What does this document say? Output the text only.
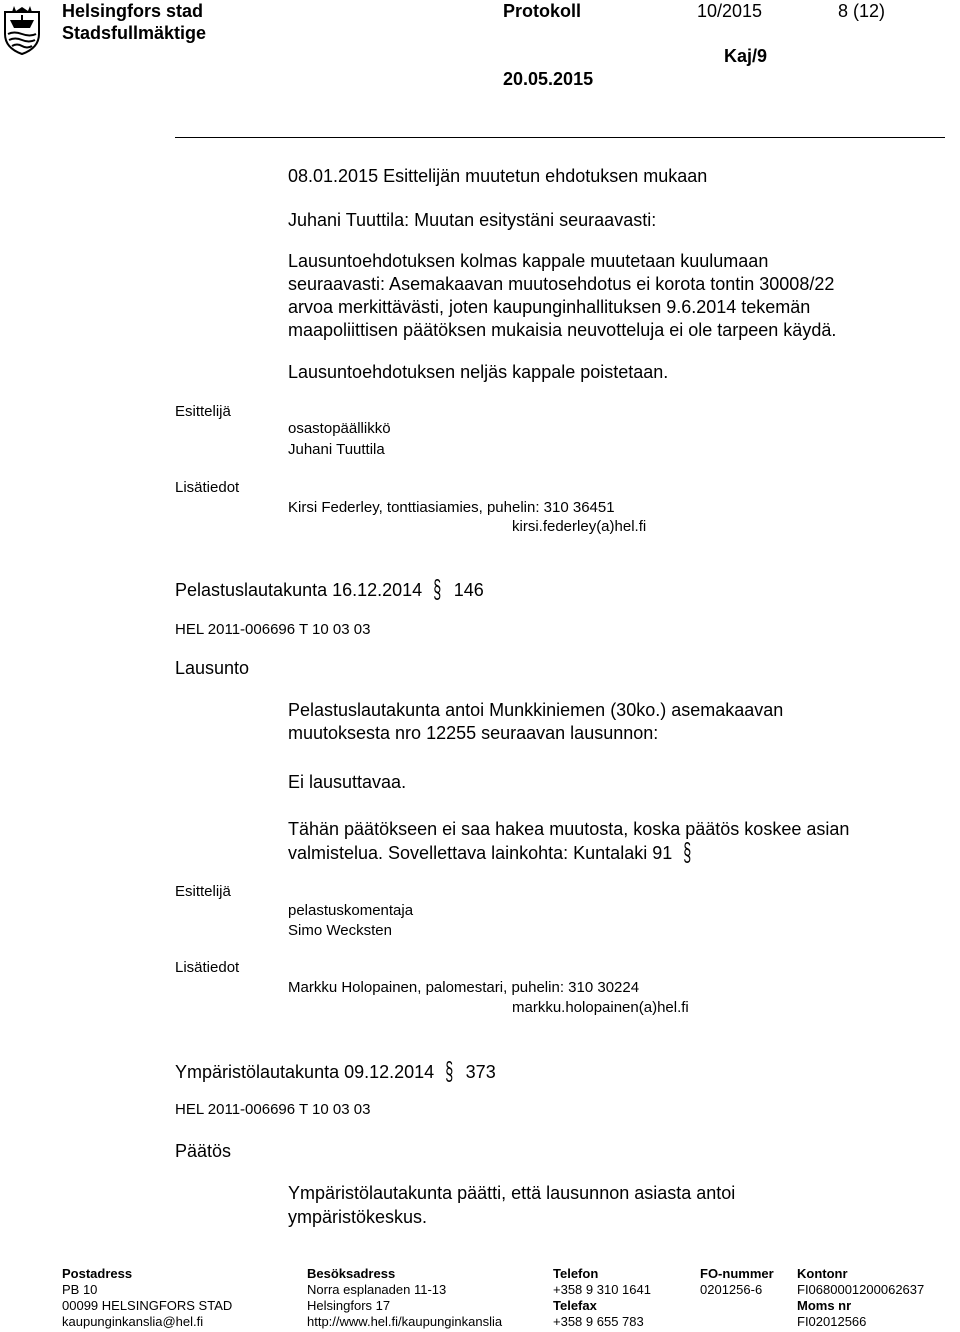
Helsingfors stad
Stadsfullmäktige
Protokoll	10/2015	8 (12)
Kaj/9
20.05.2015
08.01.2015 Esittelijän muutetun ehdotuksen mukaan
Juhani Tuuttila: Muutan esitystäni seuraavasti:
Lausuntoehdotuksen kolmas kappale muutetaan kuulumaan
seuraavasti: Asemakaavan muutosehdotus ei korota tontin 30008/22
arvoa merkittävästi, joten kaupunginhallituksen 9.6.2014 tekemän
maapoliittisen päätöksen mukaisia neuvotteluja ei ole tarpeen käydä.
Lausuntoehdotuksen neljäs kappale poistetaan.
Esittelijä
osastopäällikkö
Juhani Tuuttila
Lisätiedot
Kirsi Federley, tonttiasiamies, puhelin: 310 36451
kirsi.federley(a)hel.fi
Pelastuslautakunta 16.12.2014 § 146
HEL 2011-006696 T 10 03 03
Lausunto
Pelastuslautakunta antoi Munkkiniemen (30ko.) asemakaavan
muutoksesta nro 12255 seuraavan lausunnon:
Ei lausuttavaa.
Tähän päätökseen ei saa hakea muutosta, koska päätös koskee asian
valmistelua. Sovellettava lainkohta: Kuntalaki 91 §
Esittelijä
pelastuskomentaja
Simo Wecksten
Lisätiedot
Markku Holopainen, palomestari, puhelin: 310 30224
markku.holopainen(a)hel.fi
Ympäristölautakunta 09.12.2014 § 373
HEL 2011-006696 T 10 03 03
Päätös
Ympäristölautakunta päätti, että lausunnon asiasta antoi
ympäristökeskus.
Postadress
PB 10
00099 HELSINGFORS STAD
kaupunginkanslia@hel.fi
Besöksadress
Norra esplanaden 11-13
Helsingfors 17
http://www.hel.fi/kaupunginkanslia
Telefon
+358 9 310 1641
Telefax
+358 9 655 783
FO-nummer
0201256-6
Kontonr
FI0680001200062637
Moms nr
FI02012566
